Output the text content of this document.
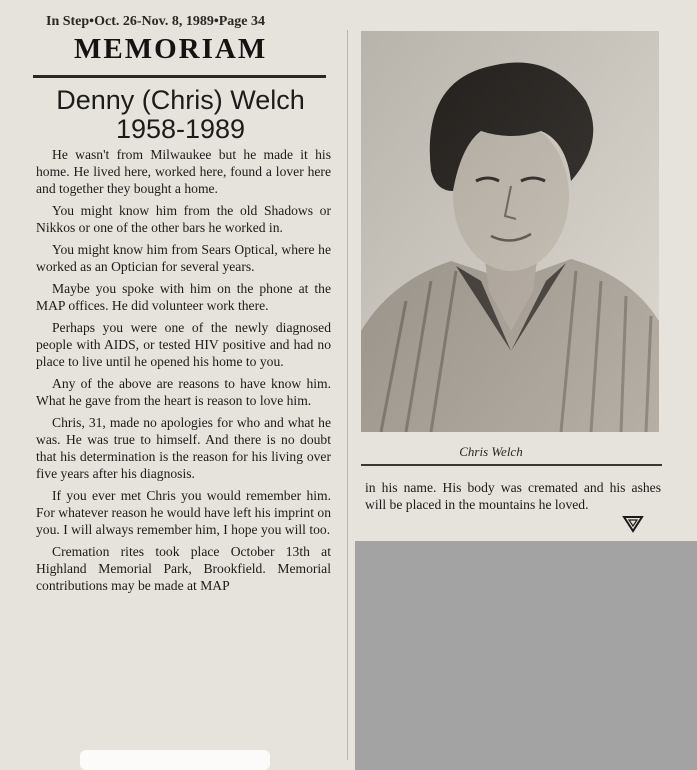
In Step•Oct. 26-Nov. 8, 1989•Page 34
MEMORIAM
Denny (Chris) Welch
1958-1989

He wasn't from Milwaukee but he made it his home. He lived here, worked here, found a lover here and together they bought a home.

You might know him from the old Shadows or Nikkos or one of the other bars he worked in.

You might know him from Sears Optical, where he worked as an Optician for several years.

Maybe you spoke with him on the phone at the MAP offices. He did volunteer work there.

Perhaps you were one of the newly diagnosed people with AIDS, or tested HIV positive and had no place to live until he opened his home to you.

Any of the above are reasons to have know him. What he gave from the heart is reason to love him.

Chris, 31, made no apologies for who and what he was. He was true to himself. And there is no doubt that his determination is the reason for his living over five years after his diagnosis.

If you ever met Chris you would remember him. For whatever reason he would have left his imprint on you. I will always remember him, I hope you will too.

Cremation rites took place October 13th at Highland Memorial Park, Brookfield. Memorial contributions may be made at MAP

Chris Welch

in his name. His body was cremated and his ashes will be placed in the mountains he loved.
